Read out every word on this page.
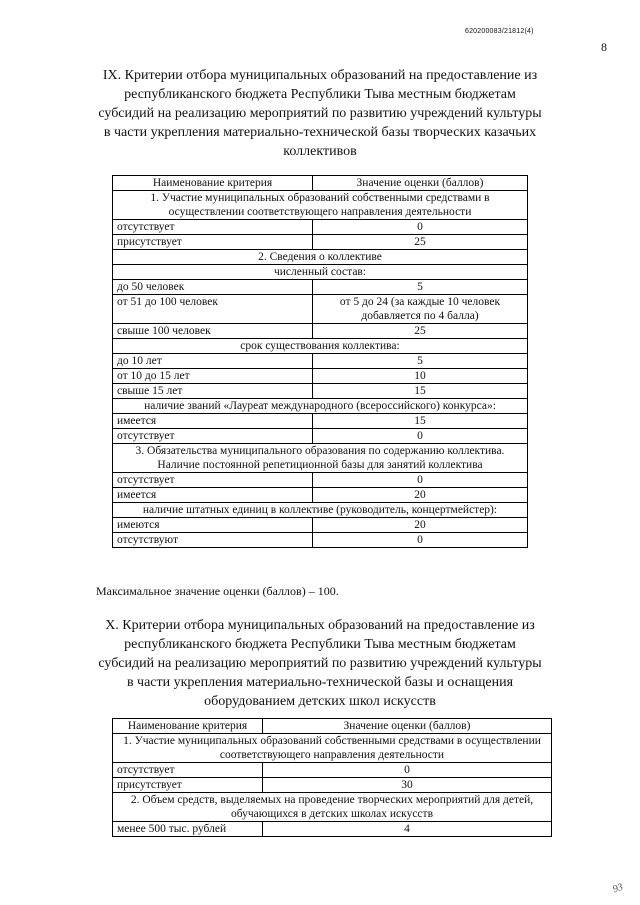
620200083/21812(4)
8
IX. Критерии отбора муниципальных образований на предоставление из республиканского бюджета Республики Тыва местным бюджетам субсидий на реализацию мероприятий по развитию учреждений культуры в части укрепления материально-технической базы творческих казачьих коллективов
Наименование критерия	Значение оценки (баллов)
1. Участие муниципальных образований собственными средствами в осуществлении соответствующего направления деятельности	
отсутствует	0
присутствует	25
2. Сведения о коллективе	
численный состав:	
до 50 человек	5
от 51 до 100 человек	от 5 до 24 (за каждые 10 человек добавляется по 4 балла)
свыше 100 человек	25
срок существования коллектива:	
до 10 лет	5
от 10 до 15 лет	10
свыше 15 лет	15
наличие званий «Лауреат международного (всероссийского) конкурса»:	
имеется	15
отсутствует	0
3. Обязательства муниципального образования по содержанию коллектива. Наличие постоянной репетиционной базы для занятий коллектива	
отсутствует	0
имеется	20
наличие штатных единиц в коллективе (руководитель, концертмейстер):	
имеются	20
отсутствуют	0
Максимальное значение оценки (баллов) – 100.
X. Критерии отбора муниципальных образований на предоставление из республиканского бюджета Республики Тыва местным бюджетам субсидий на реализацию мероприятий по развитию учреждений культуры в части укрепления материально-технической базы и оснащения оборудованием детских школ искусств
Наименование критерия	Значение оценки (баллов)
1. Участие муниципальных образований собственными средствами в осуществлении соответствующего направления деятельности	
отсутствует	0
присутствует	30
2. Объем средств, выделяемых на проведение творческих мероприятий для детей, обучающихся в детских школах искусств	
менее 500 тыс. рублей	4
93
